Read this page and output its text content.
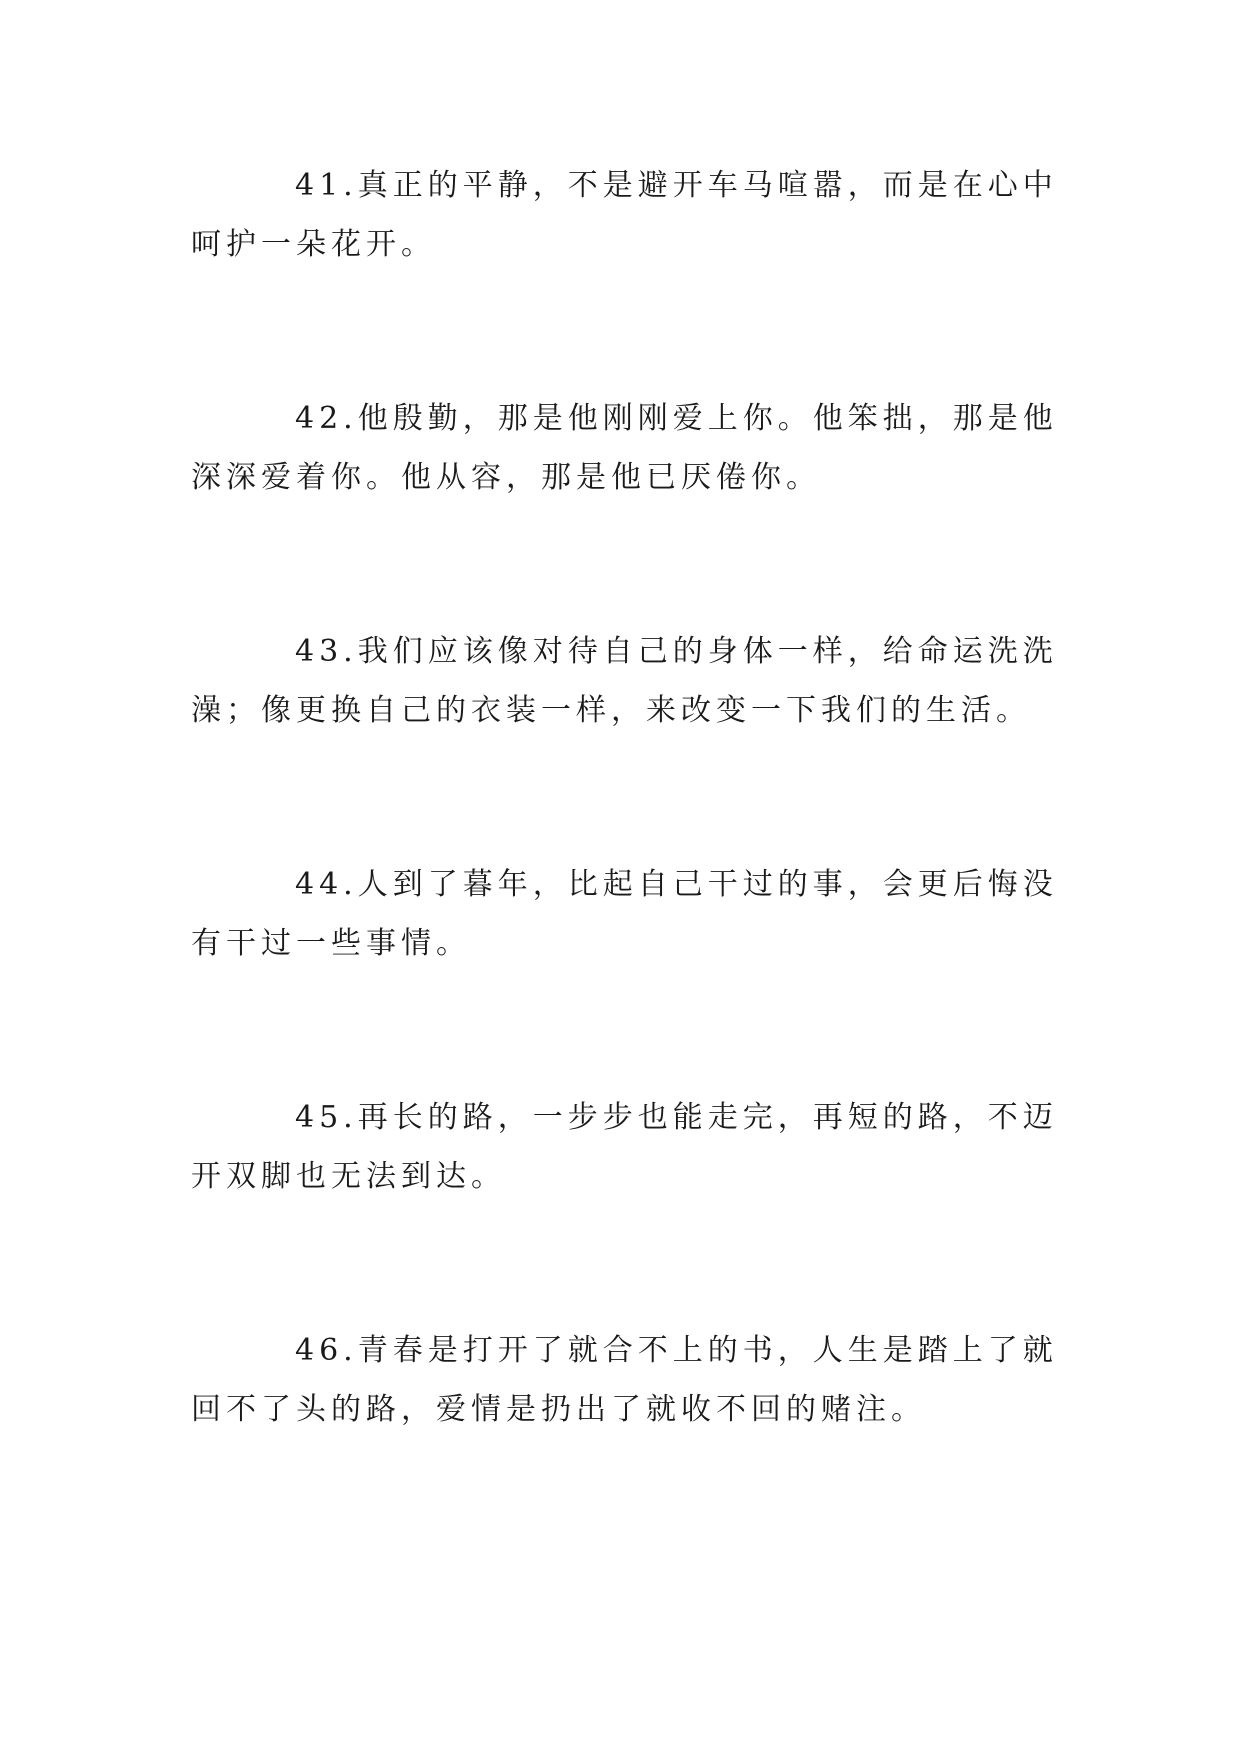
41.真正的平静，不是避开车马喧嚣，而是在心中呵护一朵花开。

42.他殷勤，那是他刚刚爱上你。他笨拙，那是他深深爱着你。他从容，那是他已厌倦你。

43.我们应该像对待自己的身体一样，给命运洗洗澡；像更换自己的衣装一样，来改变一下我们的生活。

44.人到了暮年，比起自己干过的事，会更后悔没有干过一些事情。

45.再长的路，一步步也能走完，再短的路，不迈开双脚也无法到达。

46.青春是打开了就合不上的书，人生是踏上了就回不了头的路，爱情是扔出了就收不回的赌注。
